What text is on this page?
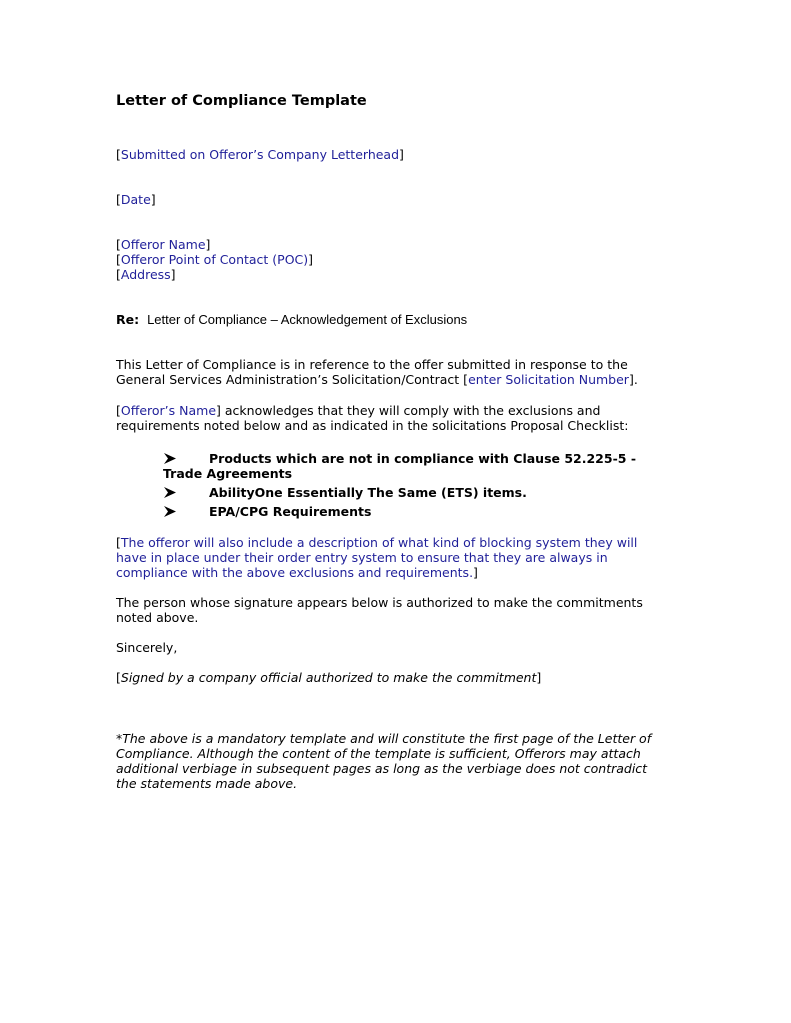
Letter of Compliance Template

[Submitted on Offeror’s Company Letterhead]

[Date]

[Offeror Name]
[Offeror Point of Contact (POC)]
[Address]

Re: Letter of Compliance – Acknowledgement of Exclusions

This Letter of Compliance is in reference to the offer submitted in response to the
General Services Administration’s Solicitation/Contract [enter Solicitation Number].
[Offeror’s Name] acknowledges that they will comply with the exclusions and
requirements noted below and as indicated in the solicitations Proposal Checklist:
Products which are not in compliance with Clause 52.225-5 -
Trade Agreements
AbilityOne Essentially The Same (ETS) items.
EPA/CPG Requirements
[The offeror will also include a description of what kind of blocking system they will
have in place under their order entry system to ensure that they are always in
compliance with the above exclusions and requirements.]
The person whose signature appears below is authorized to make the commitments
noted above.

Sincerely,

[Signed by a company official authorized to make the commitment]

*The above is a mandatory template and will constitute the first page of the Letter of
Compliance. Although the content of the template is sufficient, Offerors may attach
additional verbiage in subsequent pages as long as the verbiage does not contradict
the statements made above.
